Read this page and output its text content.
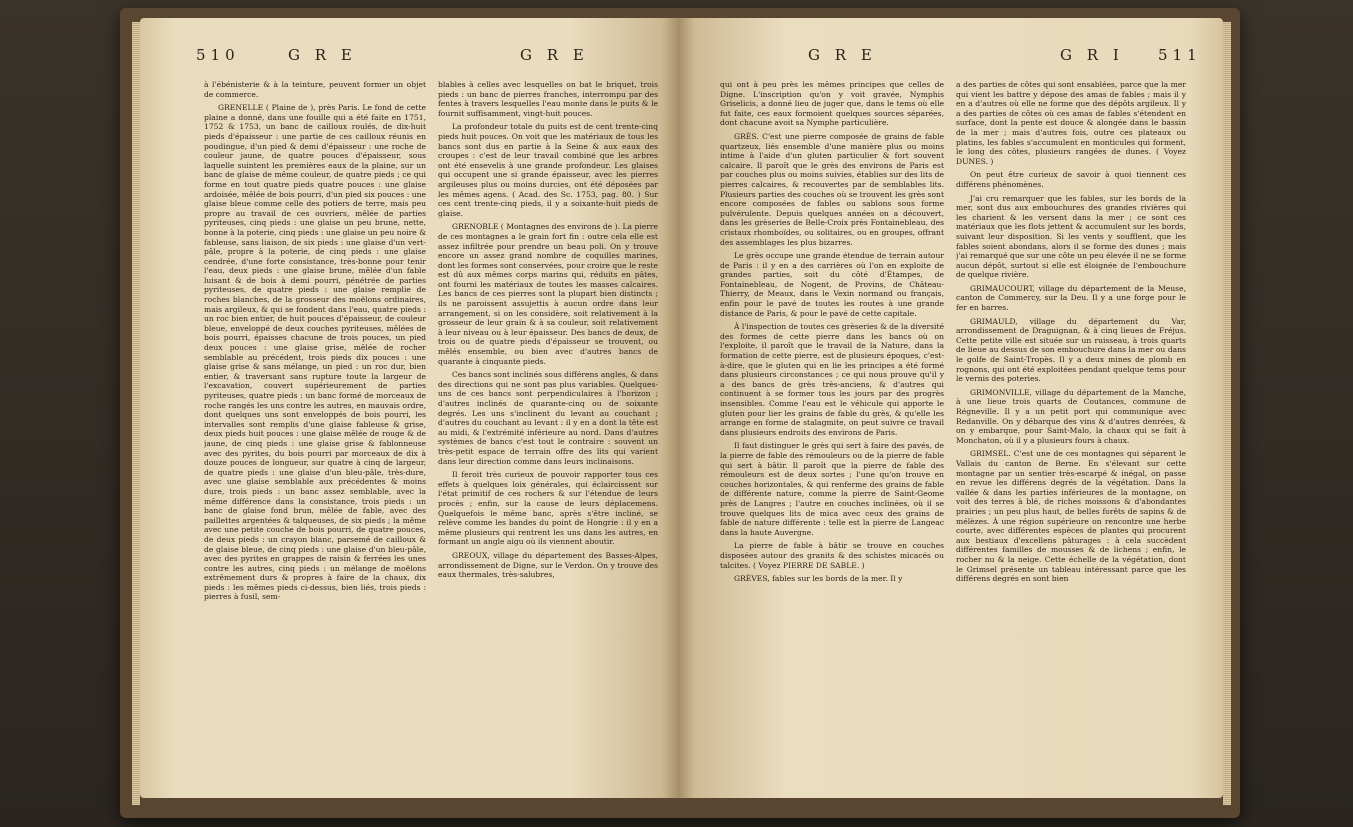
510	G R E	G R E

à l'ébénisterie & à la teinture, peuvent former un objet de commerce.

GRENELLE ( Plaine de ), près Paris. Le fond de cette plaine a donné, dans une fouille qui a été faite en 1751, 1752 & 1753, un banc de cailloux roulés, de dix-huit pieds d'épaisseur : une partie de ces cailloux réunis en poudingue, d'un pied & demi d'épaisseur : une roche de couleur jaune, de quatre pouces d'épaisseur, sous laquelle suintent les premières eaux de la plaine, sur un banc de glaise de même couleur, de quatre pieds ; ce qui forme en tout quatre pieds quatre pouces : une glaise ardoisée, mêlée de bois pourri, d'un pied six pouces : une glaise bleue comme celle des potiers de terre, mais peu propre au travail de ces ouvriers, mêlée de parties pyriteuses, cinq pieds : une glaise un peu brune, nette, bonne à la poterie, cinq pieds : une glaise un peu noire & fableuse, sans liaison, de six pieds : une glaise d'un vert-pâle, propre à la poterie, de cinq pieds : une glaise cendrée, d'une forte consistance, très-bonne pour tenir l'eau, deux pieds : une glaise brune, mêlée d'un fable luisant & de bois à demi pourri, pénétrée de parties pyriteuses, de quatre pieds : une glaise remplie de roches blanches, de la grosseur des moëlons ordinaires, mais argileux, & qui se fondent dans l'eau, quatre pieds : un roc bien entier, de huit pouces d'épaisseur, de couleur bleue, enveloppé de deux couches pyriteuses, mêlées de bois pourri, épaisses chacune de trois pouces, un pied deux pouces : une glaise grise, mêlée de rocher semblable au précédent, trois pieds dix pouces : une glaise grise & sans mélange, un pied : un roc dur, bien entier, & traversant sans rupture toute la largeur de l'excavation, couvert supérieurement de parties pyriteuses, quatre pieds : un banc formé de morceaux de roche rangés les uns contre les autres, en mauvais ordre, dont quelques uns sont enveloppés de bois pourri, les intervalles sont remplis d'une glaise fableuse & grise, deux pieds huit pouces : une glaise mêlée de rouge & de jaune, de cinq pieds : une glaise grise & fablonneuse avec des pyrites, du bois pourri par morceaux de dix à douze pouces de longueur, sur quatre à cinq de largeur, de quatre pieds : une glaise d'un bleu-pâle, très-dure, avec une glaise semblable aux précédentes & moins dure, trois pieds : un banc assez semblable, avec la même différence dans la consistance, trois pieds : un banc de glaise fond brun, mêlée de fable, avec des paillettes argentées & talqueuses, de six pieds ; la même avec une petite couche de bois pourri, de quatre pouces, de deux pieds : un crayon blanc, parsemé de cailloux & de glaise bleue, de cinq pieds : une glaise d'un bleu-pâle, avec des pyrites en grappes de raisin & ferrées les unes contre les autres, cinq pieds : un mélange de moëlons extrêmement durs & propres à faire de la chaux, dix pieds : les mêmes pieds ci-dessus, bien liés, trois pieds : pierres à fusil, sem-

blables à celles avec lesquelles on bat le briquet, trois pieds : un banc de pierres franches, interrompu par des fentes à travers lesquelles l'eau monte dans le puits & le fournit suffisamment, vingt-huit pouces.

La profondeur totale du puits est de cent trente-cinq pieds huit pouces. On voit que les matériaux de tous les bancs sont dus en partie à la Seine & aux eaux des croupes : c'est de leur travail combiné que les arbres ont été ensevelis à une grande profondeur. Les glaises qui occupent une si grande épaisseur, avec les pierres argileuses plus ou moins durcies, ont été déposées par les mêmes agens. ( Acad. des Sc. 1753, pag. 80. ) Sur ces cent trente-cinq pieds, il y a soixante-huit pieds de glaise.

GRENOBLE ( Montagnes des environs de ). La pierre de ces montagnes a le grain fort fin : outre cela elle est assez infiltrée pour prendre un beau poli. On y trouve encore un assez grand nombre de coquilles marines, dont les formes sont conservées, pour croire que le reste est dû aux mêmes corps marins qui, réduits en pâtes, ont fourni les matériaux de toutes les masses calcaires. Les bancs de ces pierres sont la plupart bien distincts ; ils ne paroissent assujettis à aucun ordre dans leur arrangement, si on les considère, soit relativement à la grosseur de leur grain & à sa couleur, soit relativement à leur niveau ou à leur épaisseur. Des bancs de deux, de trois ou de quatre pieds d'épaisseur se trouvent, ou mêlés ensemble, ou bien avec d'autres bancs de quarante à cinquante pieds.

Ces bancs sont inclinés sous différens angles, & dans des directions qui ne sont pas plus variables. Quelques-uns de ces bancs sont perpendiculaires à l'horizon ; d'autres inclinés de quarante-cinq ou de soixante degrés. Les uns s'inclinent du levant au couchant ; d'autres du couchant au levant : il y en a dont la tête est au midi, & l'extrémité inférieure au nord. Dans d'autres systèmes de bancs c'est tout le contraire : souvent un très-petit espace de terrain offre des lits qui varient dans leur direction comme dans leurs inclinaisons.

Il feroit très curieux de pouvoir rapporter tous ces effets à quelques loix générales, qui éclaircissent sur l'état primitif de ces rochers & sur l'étendue de leurs procès ; enfin, sur la cause de leurs déplacemens. Quelquefois le même banc, après s'être incliné, se relève comme les bandes du point de Hongrie : il y en a même plusieurs qui rentrent les uns dans les autres, en formant un angle aigu où ils viennent aboutir.

GREOUX, village du département des Basses-Alpes, arrondissement de Digne, sur le Verdon. On y trouve des eaux thermales, très-salubres,

G R E	G R I 511

qui ont à peu près les mêmes principes que celles de Digne. L'inscription qu'on y voit gravée, Nymphis Griselicis, a donné lieu de juger que, dans le tems où elle fut faite, ces eaux formoient quelques sources séparées, dont chacune avoit sa Nymphe particulière.

GRÈS. C'est une pierre composée de grains de fable quartzeux, liés ensemble d'une manière plus ou moins intime à l'aide d'un gluten particulier & fort souvent calcaire. Il paroît que le grès des environs de Paris est par couches plus ou moins suivies, établies sur des lits de pierres calcaires, & recouvertes par de semblables lits. Plusieurs parties des couches où se trouvent les grès sont encore composées de fables ou sablons sous forme pulvérulente. Depuis quelques années on a découvert, dans les grèseries de Belle-Croix près Fontainebleau, des cristaux rhomboïdes, ou solitaires, ou en groupes, offrant des assemblages les plus bizarres.

Le grès occupe une grande étendue de terrain autour de Paris : il y en a des carrières où l'on en exploite de grandes parties, soit du côté d'Étampes, de Fontainebleau, de Nogent, de Provins, de Château-Thierry, de Meaux, dans le Vexin normand ou français, enfin pour le pavé de toutes les routes à une grande distance de Paris, & pour le pavé de cette capitale.

À l'inspection de toutes ces grèseries & de la diversité des formes de cette pierre dans les bancs où on l'exploite, il paroît que le travail de la Nature, dans la formation de cette pierre, est de plusieurs époques, c'est-à-dire, que le gluten qui en lie les principes a été formé dans plusieurs circonstances ; ce qui nous prouve qu'il y a des bancs de grès très-anciens, & d'autres qui continuent à se former tous les jours par des progrès insensibles. Comme l'eau est le véhicule qui apporte le gluten pour lier les grains de fable du grès, & qu'elle les arrange en forme de stalagmite, on peut suivre ce travail dans plusieurs endroits des environs de Paris.

Il faut distinguer le grès qui sert à faire des pavés, de la pierre de fable des rémouleurs ou de la pierre de fable qui sert à bâtir. Il paroît que la pierre de fable des rémouleurs est de deux sortes ; l'une qu'on trouve en couches horizontales, & qui renferme des grains de fable de différente nature, comme la pierre de Saint-Geome près de Langres ; l'autre en couches inclinées, où il se trouve quelques lits de mica avec ceux des grains de fable de nature différente : telle est la pierre de Langeac dans la haute Auvergne.

La pierre de fable à bâtir se trouve en couches disposées autour des granits & des schistes micacés ou talcites. ( Voyez PIERRE DE SABLE. )

GRÈVES, fables sur les bords de la mer. Il y

a des parties de côtes qui sont ensablées, parce que la mer qui vient les battre y dépose des amas de fables ; mais il y en a d'autres où elle ne forme que des dépôts argileux. Il y a des parties de côtes où ces amas de fables s'étendent en surface, dont la pente est douce & alongée dans le bassin de la mer ; mais d'autres fois, outre ces plateaux ou platins, les fables s'accumulent en monticules qui forment, le long des côtes, plusieurs rangées de dunes. ( Voyez DUNES. )

On peut être curieux de savoir à quoi tiennent ces différens phénomènes.

J'ai cru remarquer que les fables, sur les bords de la mer, sont dus aux embouchures des grandes rivières qui les charient & les versent dans la mer ; ce sont ces matériaux que les flots jettent & accumulent sur les bords, suivant leur disposition. Si les vents y soufflent, que les fables soient abondans, alors il se forme des dunes ; mais j'ai remarqué que sur une côte un peu élevée il ne se forme aucun dépôt, surtout si elle est éloignée de l'embouchure de quelque rivière.

GRIMAUCOURT, village du département de la Meuse, canton de Commercy, sur la Deu. Il y a une forge pour le fer en barres.

GRIMAULD, village du département du Var, arrondissement de Draguignan, & à cinq lieues de Fréjus. Cette petite ville est située sur un ruisseau, à trois quarts de lieue au dessus de son embouchure dans la mer ou dans le golfe de Saint-Tropès. Il y a deux mines de plomb en rognons, qui ont été exploitées pendant quelque tems pour le vernis des poteries.

GRIMONVILLE, village du département de la Manche, à une lieue trois quarts de Coutances, commune de Régneville. Il y a un petit port qui communique avec Redanville. On y débarque des vins & d'autres denrées, & on y embarque, pour Saint-Malo, la chaux qui se fait à Monchaton, où il y a plusieurs fours à chaux.

GRIMSEL. C'est une de ces montagnes qui séparent le Vallais du canton de Berne. En s'élevant sur cette montagne par un sentier très-escarpé & inégal, on passe en revue les différens degrés de la végétation. Dans la vallée & dans les parties inférieures de la montagne, on voit des terres à blé, de riches moissons & d'abondantes prairies ; un peu plus haut, de belles forêts de sapins & de mélèzes. À une région supérieure on rencontre une herbe courte, avec différentes espèces de plantes qui procurent aux bestiaux d'excellens pâturages : à cela succèdent différentes familles de mousses & de lichens ; enfin, le rocher nu & la neige. Cette échelle de la végétation, dont le Grimsel présente un tableau intéressant parce que les différens degrés en sont bien
